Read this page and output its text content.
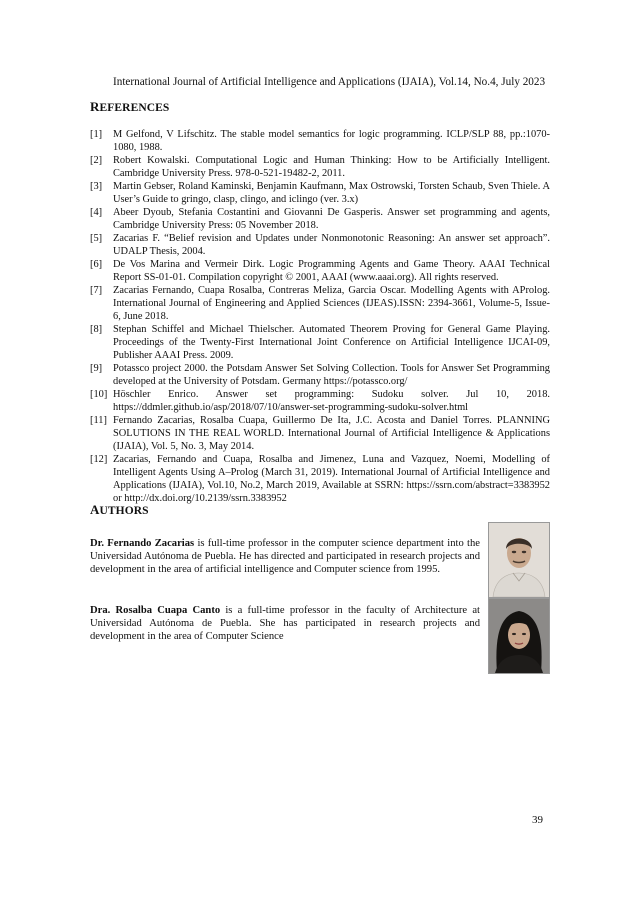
International Journal of Artificial Intelligence and Applications (IJAIA), Vol.14, No.4, July 2023
REFERENCES
[1]	M Gelfond, V Lifschitz. The stable model semantics for logic programming. ICLP/SLP 88, pp.:1070-1080, 1988.
[2]	Robert Kowalski. Computational Logic and Human Thinking: How to be Artificially Intelligent. Cambridge University Press. 978-0-521-19482-2, 2011.
[3]	Martin Gebser, Roland Kaminski, Benjamin Kaufmann, Max Ostrowski, Torsten Schaub, Sven Thiele. A User’s Guide to gringo, clasp, clingo, and iclingo (ver. 3.x)
[4]	Abeer Dyoub, Stefania Costantini and Giovanni De Gasperis. Answer set programming and agents, Cambridge University Press: 05 November 2018.
[5]	Zacarias F. “Belief revision and Updates under Nonmonotonic Reasoning: An answer set approach”. UDALP Thesis, 2004.
[6]	De Vos Marina and Vermeir Dirk. Logic Programming Agents and Game Theory. AAAI Technical Report SS-01-01. Compilation copyright © 2001, AAAI (www.aaai.org). All rights reserved.
[7]	Zacarias Fernando, Cuapa Rosalba, Contreras Meliza, Garcia Oscar. Modelling Agents with AProlog. International Journal of Engineering and Applied Sciences (IJEAS).ISSN: 2394-3661, Volume-5, Issue-6, June 2018.
[8]	Stephan Schiffel and Michael Thielscher. Automated Theorem Proving for General Game Playing. Proceedings of the Twenty-First International Joint Conference on Artificial Intelligence IJCAI-09, Publisher AAAI Press. 2009.
[9]	Potassco project 2000. the Potsdam Answer Set Solving Collection. Tools for Answer Set Programming developed at the University of Potsdam. Germany https://potassco.org/
[10] Höschler Enrico. Answer set programming: Sudoku solver. Jul 10, 2018. https://ddmler.github.io/asp/2018/07/10/answer-set-programming-sudoku-solver.html
[11] Fernando Zacarias, Rosalba Cuapa, Guillermo De Ita, J.C. Acosta and Daniel Torres. PLANNING SOLUTIONS IN THE REAL WORLD. International Journal of Artificial Intelligence & Applications (IJAIA), Vol. 5, No. 3, May 2014.
[12] Zacarias, Fernando and Cuapa, Rosalba and Jimenez, Luna and Vazquez, Noemi, Modelling of Intelligent Agents Using A–Prolog (March 31, 2019). International Journal of Artificial Intelligence and Applications (IJAIA), Vol.10, No.2, March 2019, Available at SSRN: https://ssrn.com/abstract=3383952 or http://dx.doi.org/10.2139/ssrn.3383952
AUTHORS
Dr. Fernando Zacarias is full-time professor in the computer science department into the Universidad Autónoma de Puebla. He has directed and participated in research projects and development in the area of artificial intelligence and Computer science from 1995.
Dra. Rosalba Cuapa Canto is a full-time professor in the faculty of Architecture at Universidad Autónoma de Puebla. She has participated in research projects and development in the area of Computer Science
39
